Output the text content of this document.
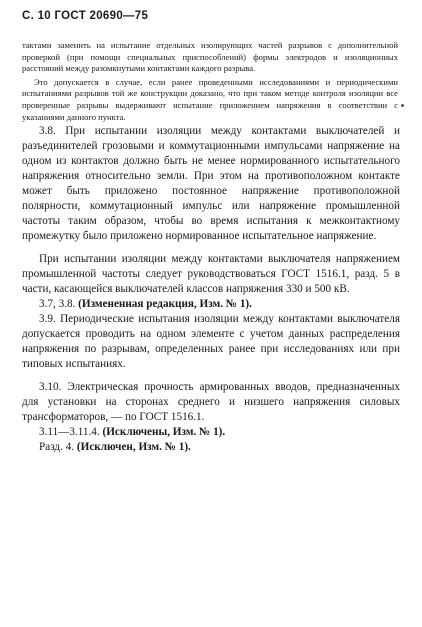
С. 10 ГОСТ 20690—75

тактами заменить на испытание отдельных изолирующих частей разрывов с дополнительной проверкой (при помощи специальных приспособлений) формы электродов и изоляционных расстояний между разомкнутыми контактами каждого разрыва.

Это допускается в случае, если ранее проведенными исследованиями и периодическими испытаниями разрывов той же конструкции доказано, что при таком методе контроля изоляции все проверенные разрывы выдерживают испытание приложением напряжения в соответствии с указаниями данного пункта.

3.8. При испытании изоляции между контактами выключателей и разъединителей грозовыми и коммутационными импульсами напряжение на одном из контактов должно быть не менее нормированного испытательного напряжения относительно земли. При этом на противоположном контакте может быть приложено постоянное напряжение противоположной полярности, коммутационный импульс или напряжение промышленной частоты таким образом, чтобы во время испытания к межконтактному промежутку было приложено нормированное испытательное напряжение.

При испытании изоляции между контактами выключателя напряжением промышленной частоты следует руководствоваться ГОСТ 1516.1, разд. 5 в части, касающейся выключателей классов напряжения 330 и 500 кВ.

3.7, 3.8. (Измененная редакция, Изм. № 1).

3.9. Периодические испытания изоляции между контактами выключателя допускается проводить на одном элементе с учетом данных распределения напряжения по разрывам, определенных ранее при исследованиях или при типовых испытаниях.

3.10. Электрическая прочность армированных вводов, предназначенных для установки на сторонах среднего и низшего напряжения силовых трансформаторов, — по ГОСТ 1516.1.

3.11—3.11.4. (Исключены, Изм. № 1).

Разд. 4. (Исключен, Изм. № 1).
